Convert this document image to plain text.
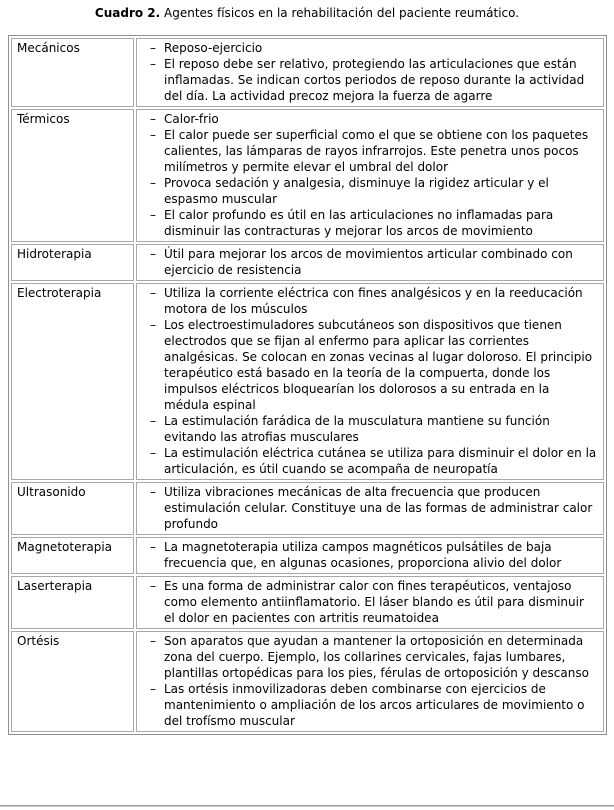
Cuadro 2. Agentes físicos en la rehabilitación del paciente reumático.
Mecánicos	– Reposo-ejercicio
– El reposo debe ser relativo, protegiendo las articulaciones que están inflamadas. Se indican cortos periodos de reposo durante la actividad del día. La actividad precoz mejora la fuerza de agarre

Térmicos	– Calor-frio
– El calor puede ser superficial como el que se obtiene con los paquetes calientes, las lámparas de rayos infrarrojos. Este penetra unos pocos milímetros y permite elevar el umbral del dolor
– Provoca sedación y analgesia, disminuye la rigidez articular y el espasmo muscular
– El calor profundo es útil en las articulaciones no inflamadas para disminuir las contracturas y mejorar los arcos de movimiento

Hidroterapia	– Útil para mejorar los arcos de movimientos articular combinado con ejercicio de resistencia

Electroterapia	– Utiliza la corriente eléctrica con fines analgésicos y en la reeducación motora de los músculos
– Los electroestimuladores subcutáneos son dispositivos que tienen electrodos que se fijan al enfermo para aplicar las corrientes analgésicas. Se colocan en zonas vecinas al lugar doloroso. El principio terapéutico está basado en la teoría de la compuerta, donde los impulsos eléctricos bloquearían los dolorosos a su entrada en la médula espinal
– La estimulación farádica de la musculatura mantiene su función evitando las atrofias musculares
– La estimulación eléctrica cutánea se utiliza para disminuir el dolor en la articulación, es útil cuando se acompaña de neuropatía

Ultrasonido	– Utiliza vibraciones mecánicas de alta frecuencia que producen estimulación celular. Constituye una de las formas de administrar calor profundo

Magnetoterapia	– La magnetoterapia utiliza campos magnéticos pulsátiles de baja frecuencia que, en algunas ocasiones, proporciona alivio del dolor

Laserterapia	– Es una forma de administrar calor con fines terapéuticos, ventajoso  como elemento antiinflamatorio. El láser blando es útil para disminuir el dolor en pacientes con artritis reumatoidea

Ortésis	– Son aparatos que ayudan a mantener la ortoposición en determinada zona del cuerpo. Ejemplo, los collarines cervicales, fajas lumbares, plantillas ortopédicas para los pies, férulas de ortoposición y descanso
– Las ortésis inmovilizadoras deben combinarse con ejercicios de mantenimiento o ampliación de los arcos articulares de movimiento o del trofísmo muscular
